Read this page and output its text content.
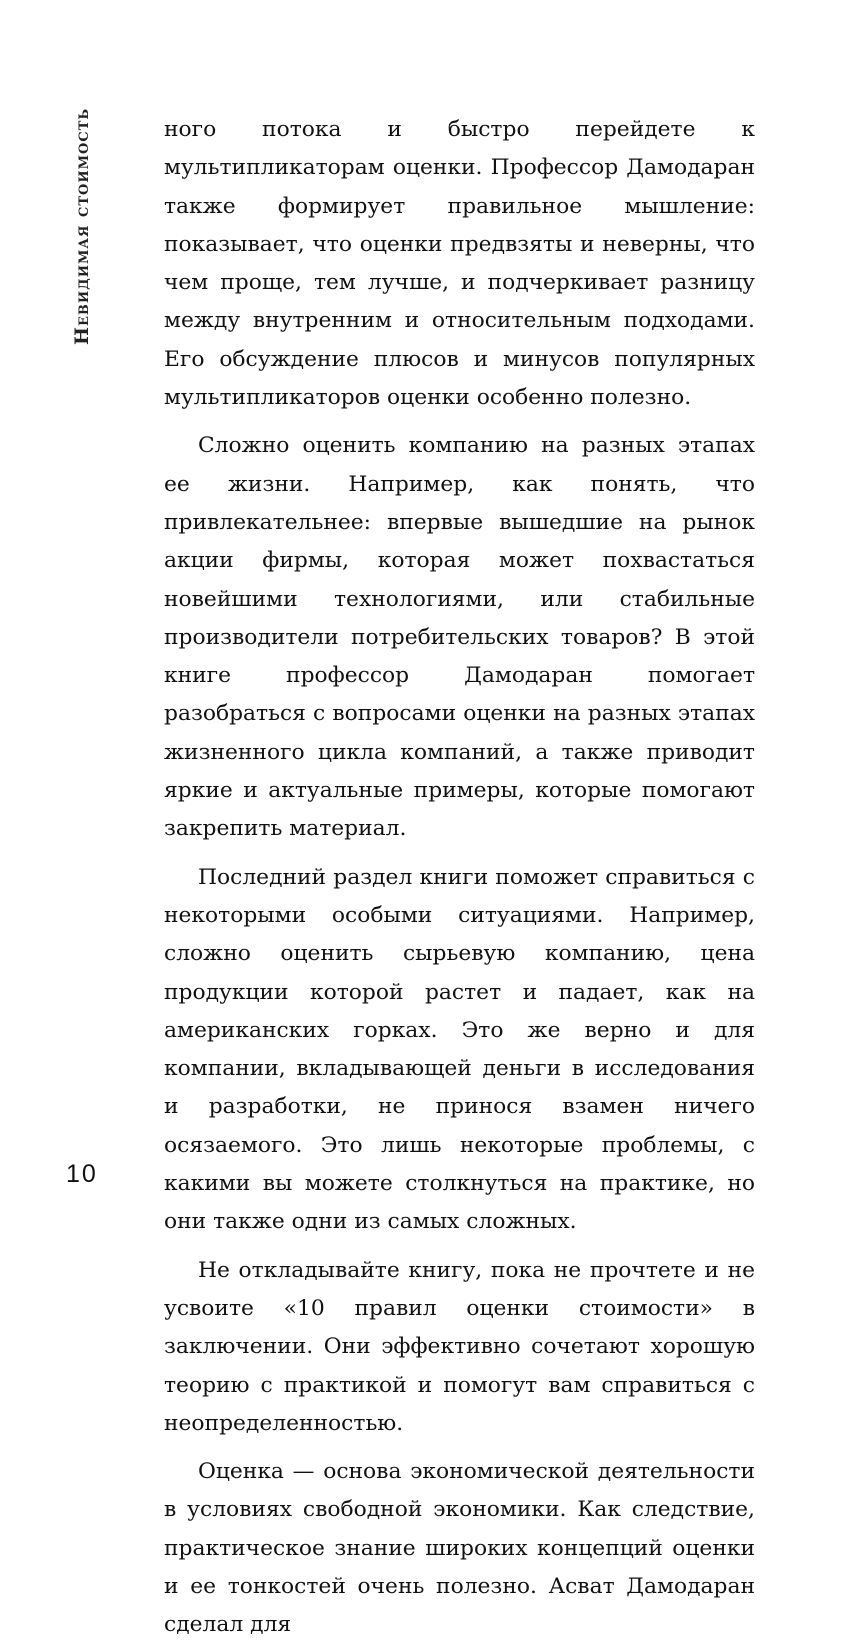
Невидимая стоимость	ного потока и быстро перейдете к мультипликаторам оценки. Профессор Дамодаран также формирует правильное мышление: показывает, что оценки предвзяты и неверны, что чем проще, тем лучше, и подчеркивает разницу между внутренним и относительным подходами. Его обсуждение плюсов и минусов популярных мультипликаторов оценки особенно полезно.

Сложно оценить компанию на разных этапах ее жизни. Например, как понять, что привлекательнее: впервые вышедшие на рынок акции фирмы, которая может похвастаться новейшими технологиями, или стабильные производители потребительских товаров? В этой книге профессор Дамодаран помогает разобраться с вопросами оценки на разных этапах жизненного цикла компаний, а также приводит яркие и актуальные примеры, которые помогают закрепить материал.

Последний раздел книги поможет справиться с некоторыми особыми ситуациями. Например, сложно оценить сырьевую компанию, цена продукции которой растет и падает, как на американских горках. Это же верно и для компании, вкладывающей деньги в исследования и разработки, не принося взамен ничего осязаемого. Это лишь некоторые проблемы, с какими вы можете столкнуться на практике, но они также одни из самых сложных.

Не откладывайте книгу, пока не прочтете и не усвоите «10 правил оценки стоимости» в заключении. Они эффективно сочетают хорошую теорию с практикой и помогут вам справиться с неопределенностью.

Оценка — основа экономической деятельности в условиях свободной экономики. Как следствие, практическое знание широких концепций оценки и ее тонкостей очень полезно. Асват Дамодаран сделал для

10
